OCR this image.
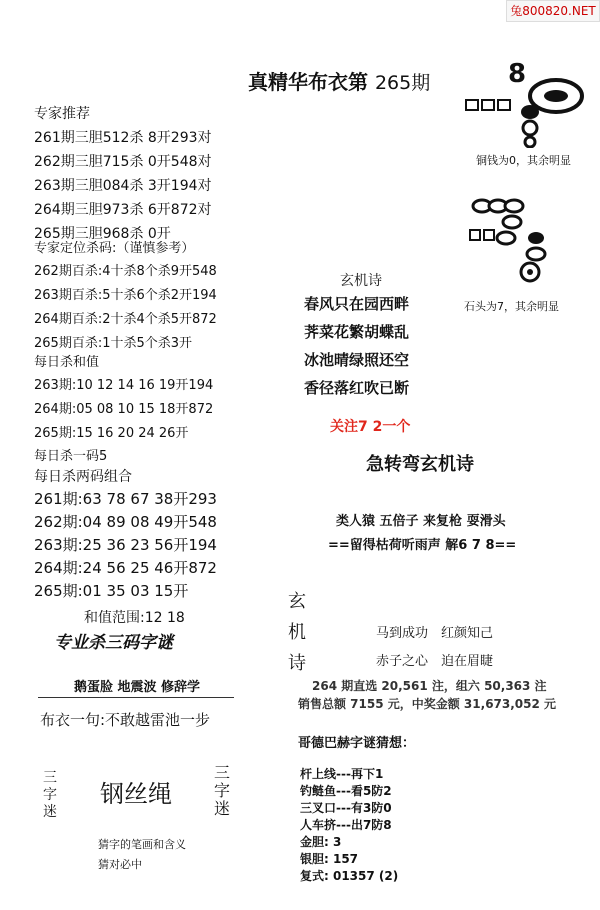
兔800820.NET
真精华布衣第 265期
专家推荐
261期三胆512杀 8开293对
262期三胆715杀 0开548对
263期三胆084杀 3开194对
264期三胆973杀 6开872对
265期三胆968杀 0开
专家定位杀码:（谨慎参考）
262期百杀:4十杀8个杀9开548
263期百杀:5十杀6个杀2开194
264期百杀:2十杀4个杀5开872
265期百杀:1十杀5个杀3开
每日杀和值
263期:10 12 14 16 19开194
264期:05 08 10 15 18开872
265期:15 16 20 24 26开
每日杀一码5
每日杀两码组合
261期:63 78 67 38开293
262期:04 89 08 49开548
263期:25 36 23 56开194
264期:24 56 25 46开872
265期:01 35 03 15开
和值范围:12 18
专业杀三码字谜
鹅蛋脸 地震波 修辞学
布衣一句:不敢越雷池一步
三字迷
钢丝绳
三字迷
猜字的笔画和含义
猜对必中
8
铜钱为0，其余明显
石头为7，其余明显
玄机诗
春风只在园西畔
荠菜花繁胡蝶乱
冰池晴绿照还空
香径落红吹已断
关注7 2一个
急转弯玄机诗
类人猿 五倍子 来复枪 耍滑头
==留得枯荷听雨声 解6 7 8==
玄
机
诗
马到成功　红颜知己
赤子之心　迫在眉睫
264 期直选 20,561 注，组六 50,363 注
销售总额 7155 元，中奖金额 31,673,052 元
哥德巴赫字谜猜想：
杆上线---再下1
钓鲢鱼---看5防2
三叉口---有3防0
人车挤---出7防8
金胆: 3
银胆: 157
复式: 01357 (2)
